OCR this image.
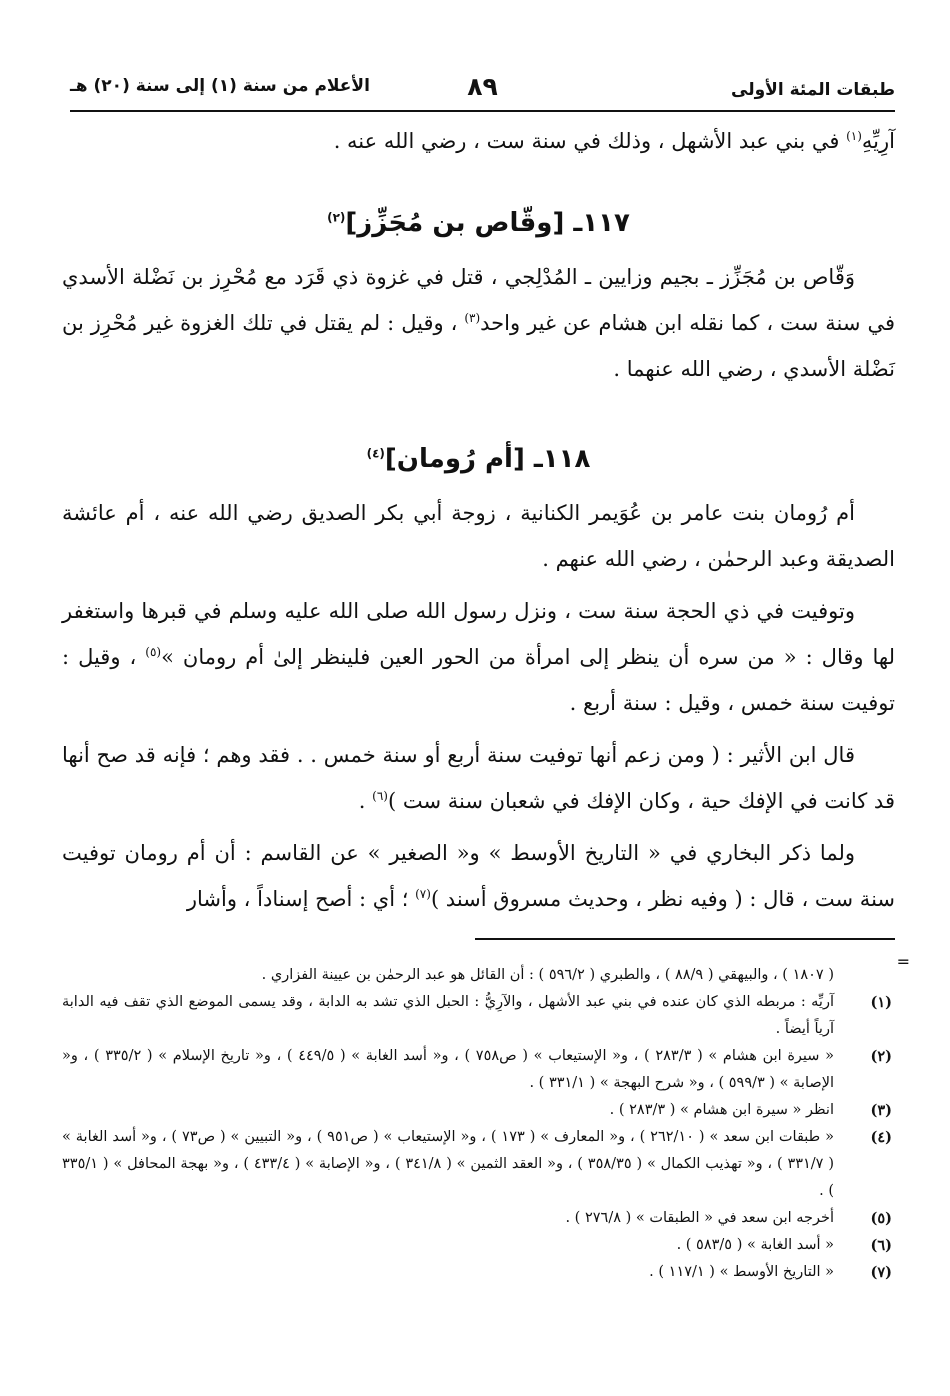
طبقات المئة الأولى
٨٩
الأعلام من سنة (١) إلى سنة (٢٠) هـ

آرِيِّهِ$^{(١)}$ في بني عبد الأشهل ، وذلك في سنة ست ، رضي الله عنه .

١١٧ـ [وقّاص بن مُجَزِّز]$^{(٢)}$

وَقّاص بن مُجَزِّز ـ بجيم وزايين ـ المُدْلِجي ، قتل في غزوة ذي قَرَد مع مُحْرِز بن نَضْلة الأسدي في سنة ست ، كما نقله ابن هشام عن غير واحد$^{(٣)}$ ، وقيل : لم يقتل في تلك الغزوة غير مُحْرِز بن نَضْلة الأسدي ، رضي الله عنهما .

١١٨ـ [أم رُومان]$^{(٤)}$

أم رُومان بنت عامر بن عُوَيمر الكنانية ، زوجة أبي بكر الصديق رضي الله عنه ، أم عائشة الصديقة وعبد الرحمٰن ، رضي الله عنهم .

وتوفيت في ذي الحجة سنة ست ، ونزل رسول الله صلى الله عليه وسلم في قبرها واستغفر لها وقال : « من سره أن ينظر إلى امرأة من الحور العين فلينظر إلىٰ أم رومان »$^{(٥)}$ ، وقيل : توفيت سنة خمس ، وقيل : سنة أربع .

قال ابن الأثير : ( ومن زعم أنها توفيت سنة أربع أو سنة خمس . . فقد وهم ؛ فإنه قد صح أنها قد كانت في الإفك حية ، وكان الإفك في شعبان سنة ست )$^{(٦)}$ .

ولما ذكر البخاري في « التاريخ الأوسط » و« الصغير » عن القاسم : أن أم رومان توفيت سنة ست ، قال : ( وفيه نظر ، وحديث مسروق أسند )$^{(٧)}$ ؛ أي : أصح إسناداً ، وأشار

=
( ١٨٠٧ ) ، والبيهقي ( ٨٨/٩ ) ، والطبري ( ٥٩٦/٢ ) : أن القائل هو عبد الرحمٰن بن عيينة الفزاري .
(١)
آريِّه : مربطه الذي كان عنده في بني عبد الأشهل ، والآرِيُّ : الحبل الذي تشد به الدابة ، وقد يسمى الموضع الذي تقف فيه الدابة آرياً أيضاً .
(٢)
« سيرة ابن هشام » ( ٢٨٣/٣ ) ، و« الإستيعاب » ( ص٧٥٨ ) ، و« أسد الغابة » ( ٤٤٩/٥ ) ، و« تاريخ الإسلام » ( ٣٣٥/٢ ) ، و« الإصابة » ( ٥٩٩/٣ ) ، و« شرح البهجة » ( ٣٣١/١ ) .
(٣)
انظر « سيرة ابن هشام » ( ٢٨٣/٣ ) .
(٤)
« طبقات ابن سعد » ( ٢٦٢/١٠ ) ، و« المعارف » ( ١٧٣ ) ، و« الإستيعاب » ( ص٩٥١ ) ، و« التبيين » ( ص٧٣ ) ، و« أسد الغابة » ( ٣٣١/٧ ) ، و« تهذيب الكمال » ( ٣٥٨/٣٥ ) ، و« العقد الثمين » ( ٣٤١/٨ ) ، و« الإصابة » ( ٤٣٣/٤ ) ، و« بهجة المحافل » ( ٣٣٥/١ ) .
(٥)
أخرجه ابن سعد في « الطبقات » ( ٢٧٦/٨ ) .
(٦)
« أسد الغابة » ( ٥٨٣/٥ ) .
(٧)
« التاريخ الأوسط » ( ١١٧/١ ) .
